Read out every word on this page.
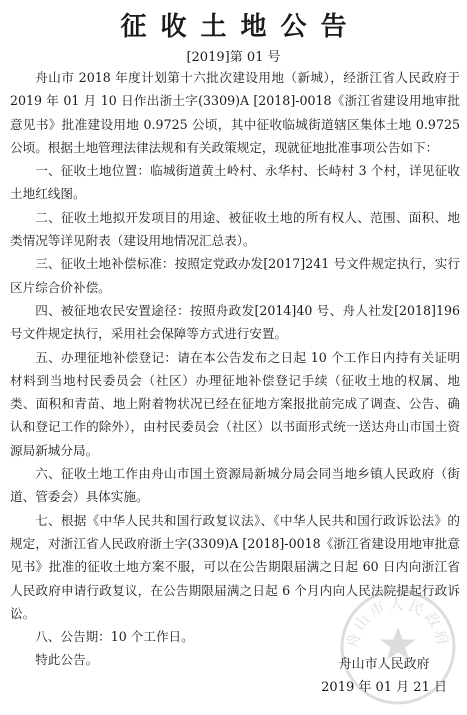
征收土地公告
[2019]第 01 号

舟山市 2018 年度计划第十六批次建设用地（新城），经浙江省人民政府于 2019 年 01 月 10 日作出浙土字(3309)A [2018]-0018《浙江省建设用地审批意见书》批准建设用地 0.9725 公顷，其中征收临城街道辖区集体土地 0.9725 公顷。根据土地管理法律法规和有关政策规定，现就征地批准事项公告如下：

一、征收土地位置：临城街道黄土岭村、永华村、长峙村 3 个村，详见征收土地红线图。

二、征收土地拟开发项目的用途、被征收土地的所有权人、范围、面积、地类情况等详见附表（建设用地情况汇总表）。

三、征收土地补偿标准：按照定党政办发[2017]241 号文件规定执行，实行区片综合价补偿。

四、被征地农民安置途径：按照舟政发[2014]40 号、舟人社发[2018]196 号文件规定执行，采用社会保障等方式进行安置。

五、办理征地补偿登记：请在本公告发布之日起 10 个工作日内持有关证明材料到当地村民委员会（社区）办理征地补偿登记手续（征收土地的权属、地类、面积和青苗、地上附着物状况已经在征地方案报批前完成了调查、公告、确认和登记工作的除外），由村民委员会（社区）以书面形式统一送达舟山市国土资源局新城分局。

六、征收土地工作由舟山市国土资源局新城分局会同当地乡镇人民政府（街道、管委会）具体实施。

七、根据《中华人民共和国行政复议法》、《中华人民共和国行政诉讼法》的规定，对浙江省人民政府浙土字(3309)A [2018]-0018《浙江省建设用地审批意见书》批准的征收土地方案不服，可以在公告期限届满之日起 60 日内向浙江省人民政府申请行政复议，在公告期限届满之日起 6 个月内向人民法院提起行政诉讼。

八、公告期：10 个工作日。

特此公告。

舟山市人民政府
舟山市人民政府
2019 年 01 月 21 日
